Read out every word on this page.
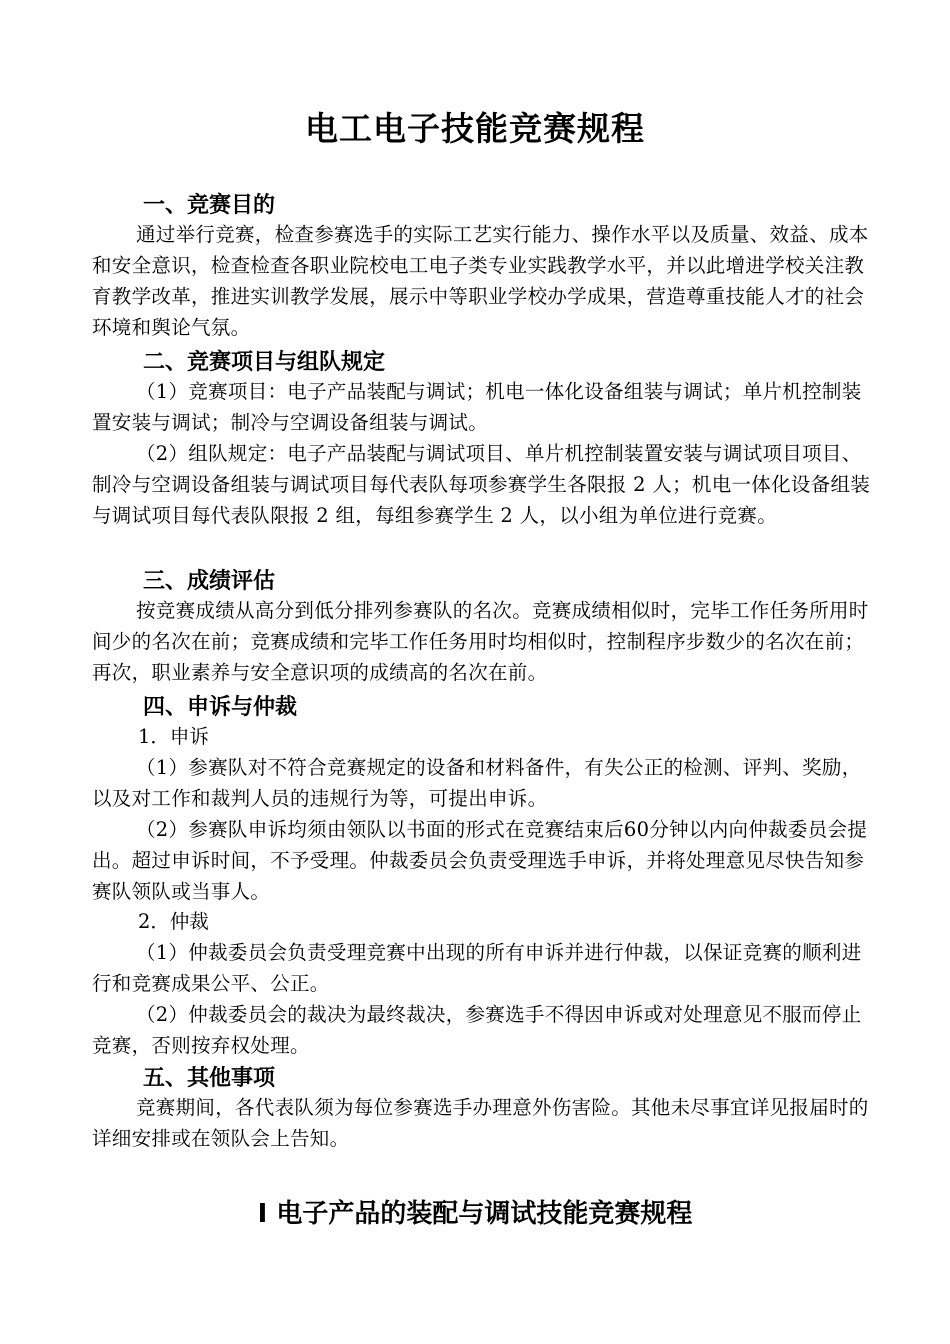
电工电子技能竞赛规程
一、竞赛目的
通过举行竞赛，检查参赛选手的实际工艺实行能力、操作水平以及质量、效益、成本和安全意识，检查检查各职业院校电工电子类专业实践教学水平，并以此增进学校关注教育教学改革，推进实训教学发展，展示中等职业学校办学成果，营造尊重技能人才的社会环境和舆论气氛。
二、竞赛项目与组队规定
（1）竞赛项目：电子产品装配与调试；机电一体化设备组装与调试；单片机控制装置安装与调试；制冷与空调设备组装与调试。
（2）组队规定：电子产品装配与调试项目、单片机控制装置安装与调试项目项目、制冷与空调设备组装与调试项目每代表队每项参赛学生各限报 2 人；机电一体化设备组装与调试项目每代表队限报 2 组，每组参赛学生 2 人，以小组为单位进行竞赛。
三、成绩评估
按竞赛成绩从高分到低分排列参赛队的名次。竞赛成绩相似时，完毕工作任务所用时间少的名次在前；竞赛成绩和完毕工作任务用时均相似时，控制程序步数少的名次在前；再次，职业素养与安全意识项的成绩高的名次在前。
四、申诉与仲裁
1．申诉
（1）参赛队对不符合竞赛规定的设备和材料备件，有失公正的检测、评判、奖励，以及对工作和裁判人员的违规行为等，可提出申诉。
（2）参赛队申诉均须由领队以书面的形式在竞赛结束后60分钟以内向仲裁委员会提出。超过申诉时间，不予受理。仲裁委员会负责受理选手申诉，并将处理意见尽快告知参赛队领队或当事人。
2．仲裁
（1）仲裁委员会负责受理竞赛中出现的所有申诉并进行仲裁，以保证竞赛的顺利进行和竞赛成果公平、公正。
（2）仲裁委员会的裁决为最终裁决，参赛选手不得因申诉或对处理意见不服而停止竞赛，否则按弃权处理。
五、其他事项
竞赛期间，各代表队须为每位参赛选手办理意外伤害险。其他未尽事宜详见报届时的详细安排或在领队会上告知。
Ⅰ 电子产品的装配与调试技能竞赛规程
